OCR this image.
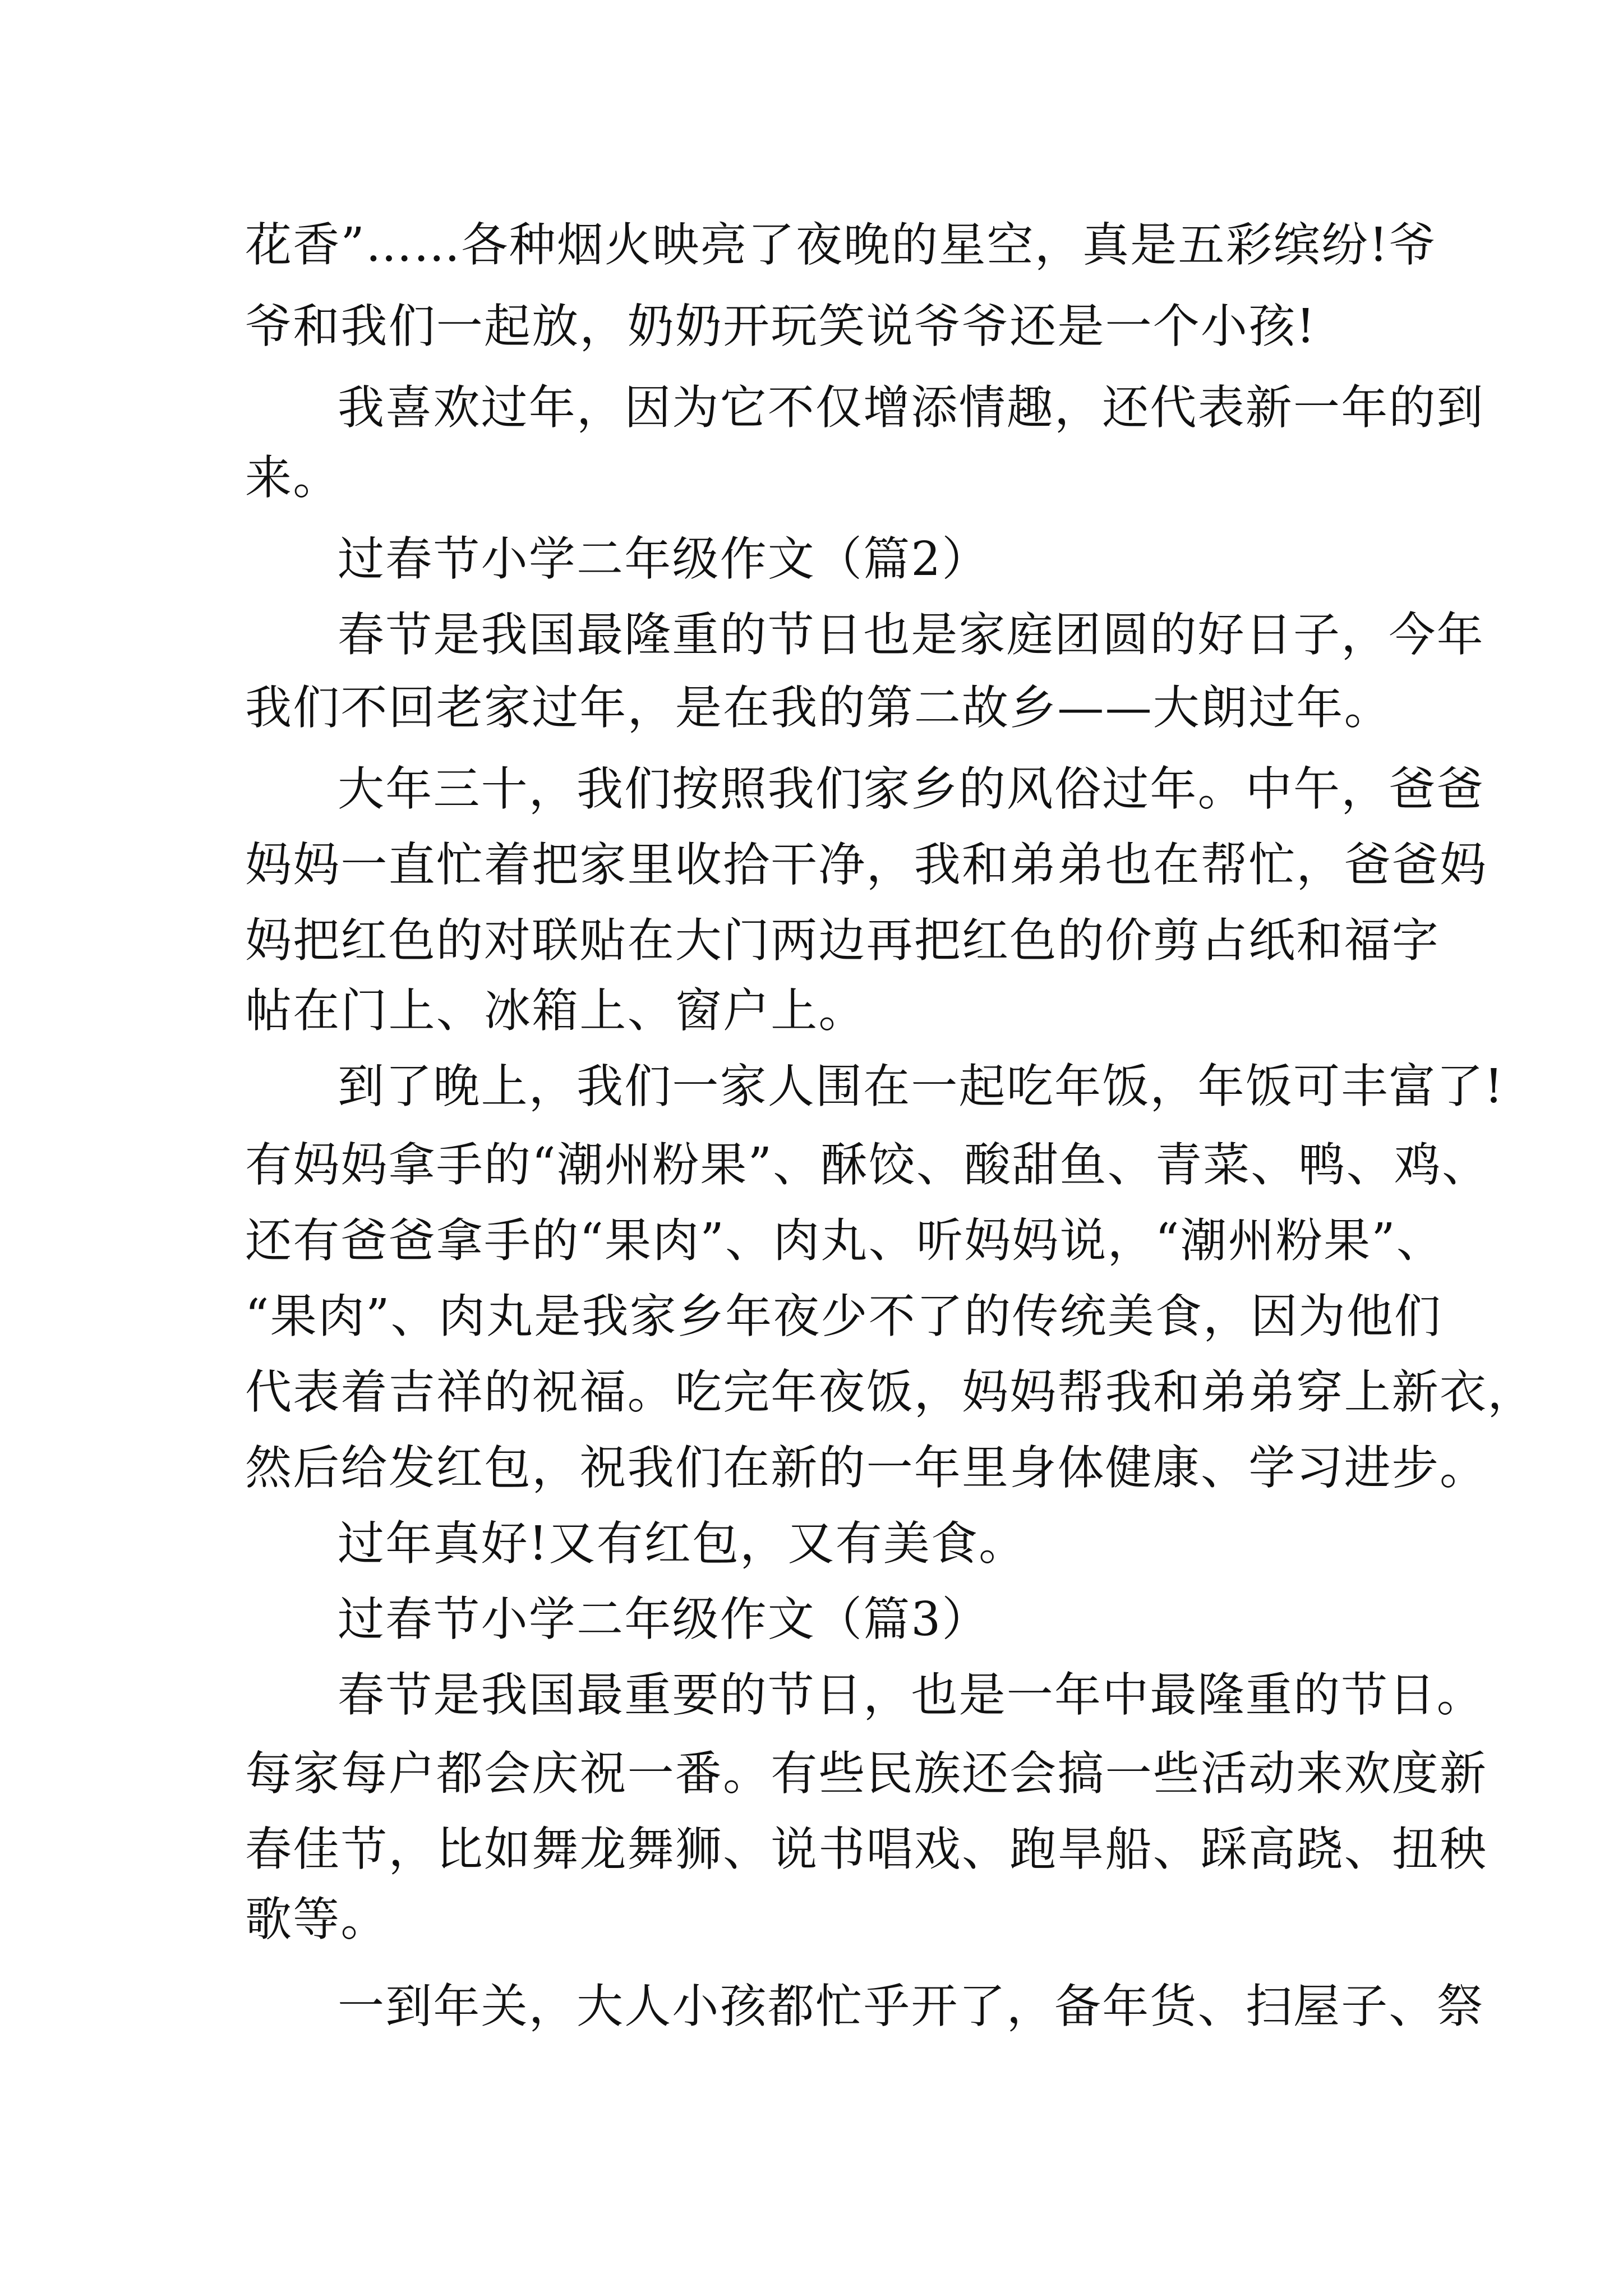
花香”……各种烟火映亮了夜晚的星空，真是五彩缤纷!爷
爷和我们一起放，奶奶开玩笑说爷爷还是一个小孩!
我喜欢过年，因为它不仅增添情趣，还代表新一年的到
来。
过春节小学二年级作文（篇2）
春节是我国最隆重的节日也是家庭团圆的好日子，今年
我们不回老家过年，是在我的第二故乡——大朗过年。
大年三十，我们按照我们家乡的风俗过年。中午，爸爸
妈妈一直忙着把家里收拾干净，我和弟弟也在帮忙，爸爸妈
妈把红色的对联贴在大门两边再把红色的价剪占纸和福字
帖在门上、冰箱上、窗户上。
到了晚上，我们一家人围在一起吃年饭，年饭可丰富了!
有妈妈拿手的“潮州粉果”、酥饺、酸甜鱼、青菜、鸭、鸡、
还有爸爸拿手的“果肉”、肉丸、听妈妈说，“潮州粉果”、
“果肉”、肉丸是我家乡年夜少不了的传统美食，因为他们
代表着吉祥的祝福。吃完年夜饭，妈妈帮我和弟弟穿上新衣，
然后给发红包，祝我们在新的一年里身体健康、学习进步。
过年真好!又有红包，又有美食。
过春节小学二年级作文（篇3）
春节是我国最重要的节日，也是一年中最隆重的节日。
每家每户都会庆祝一番。有些民族还会搞一些活动来欢度新
春佳节，比如舞龙舞狮、说书唱戏、跑旱船、踩高跷、扭秧
歌等。
一到年关，大人小孩都忙乎开了，备年货、扫屋子、祭
